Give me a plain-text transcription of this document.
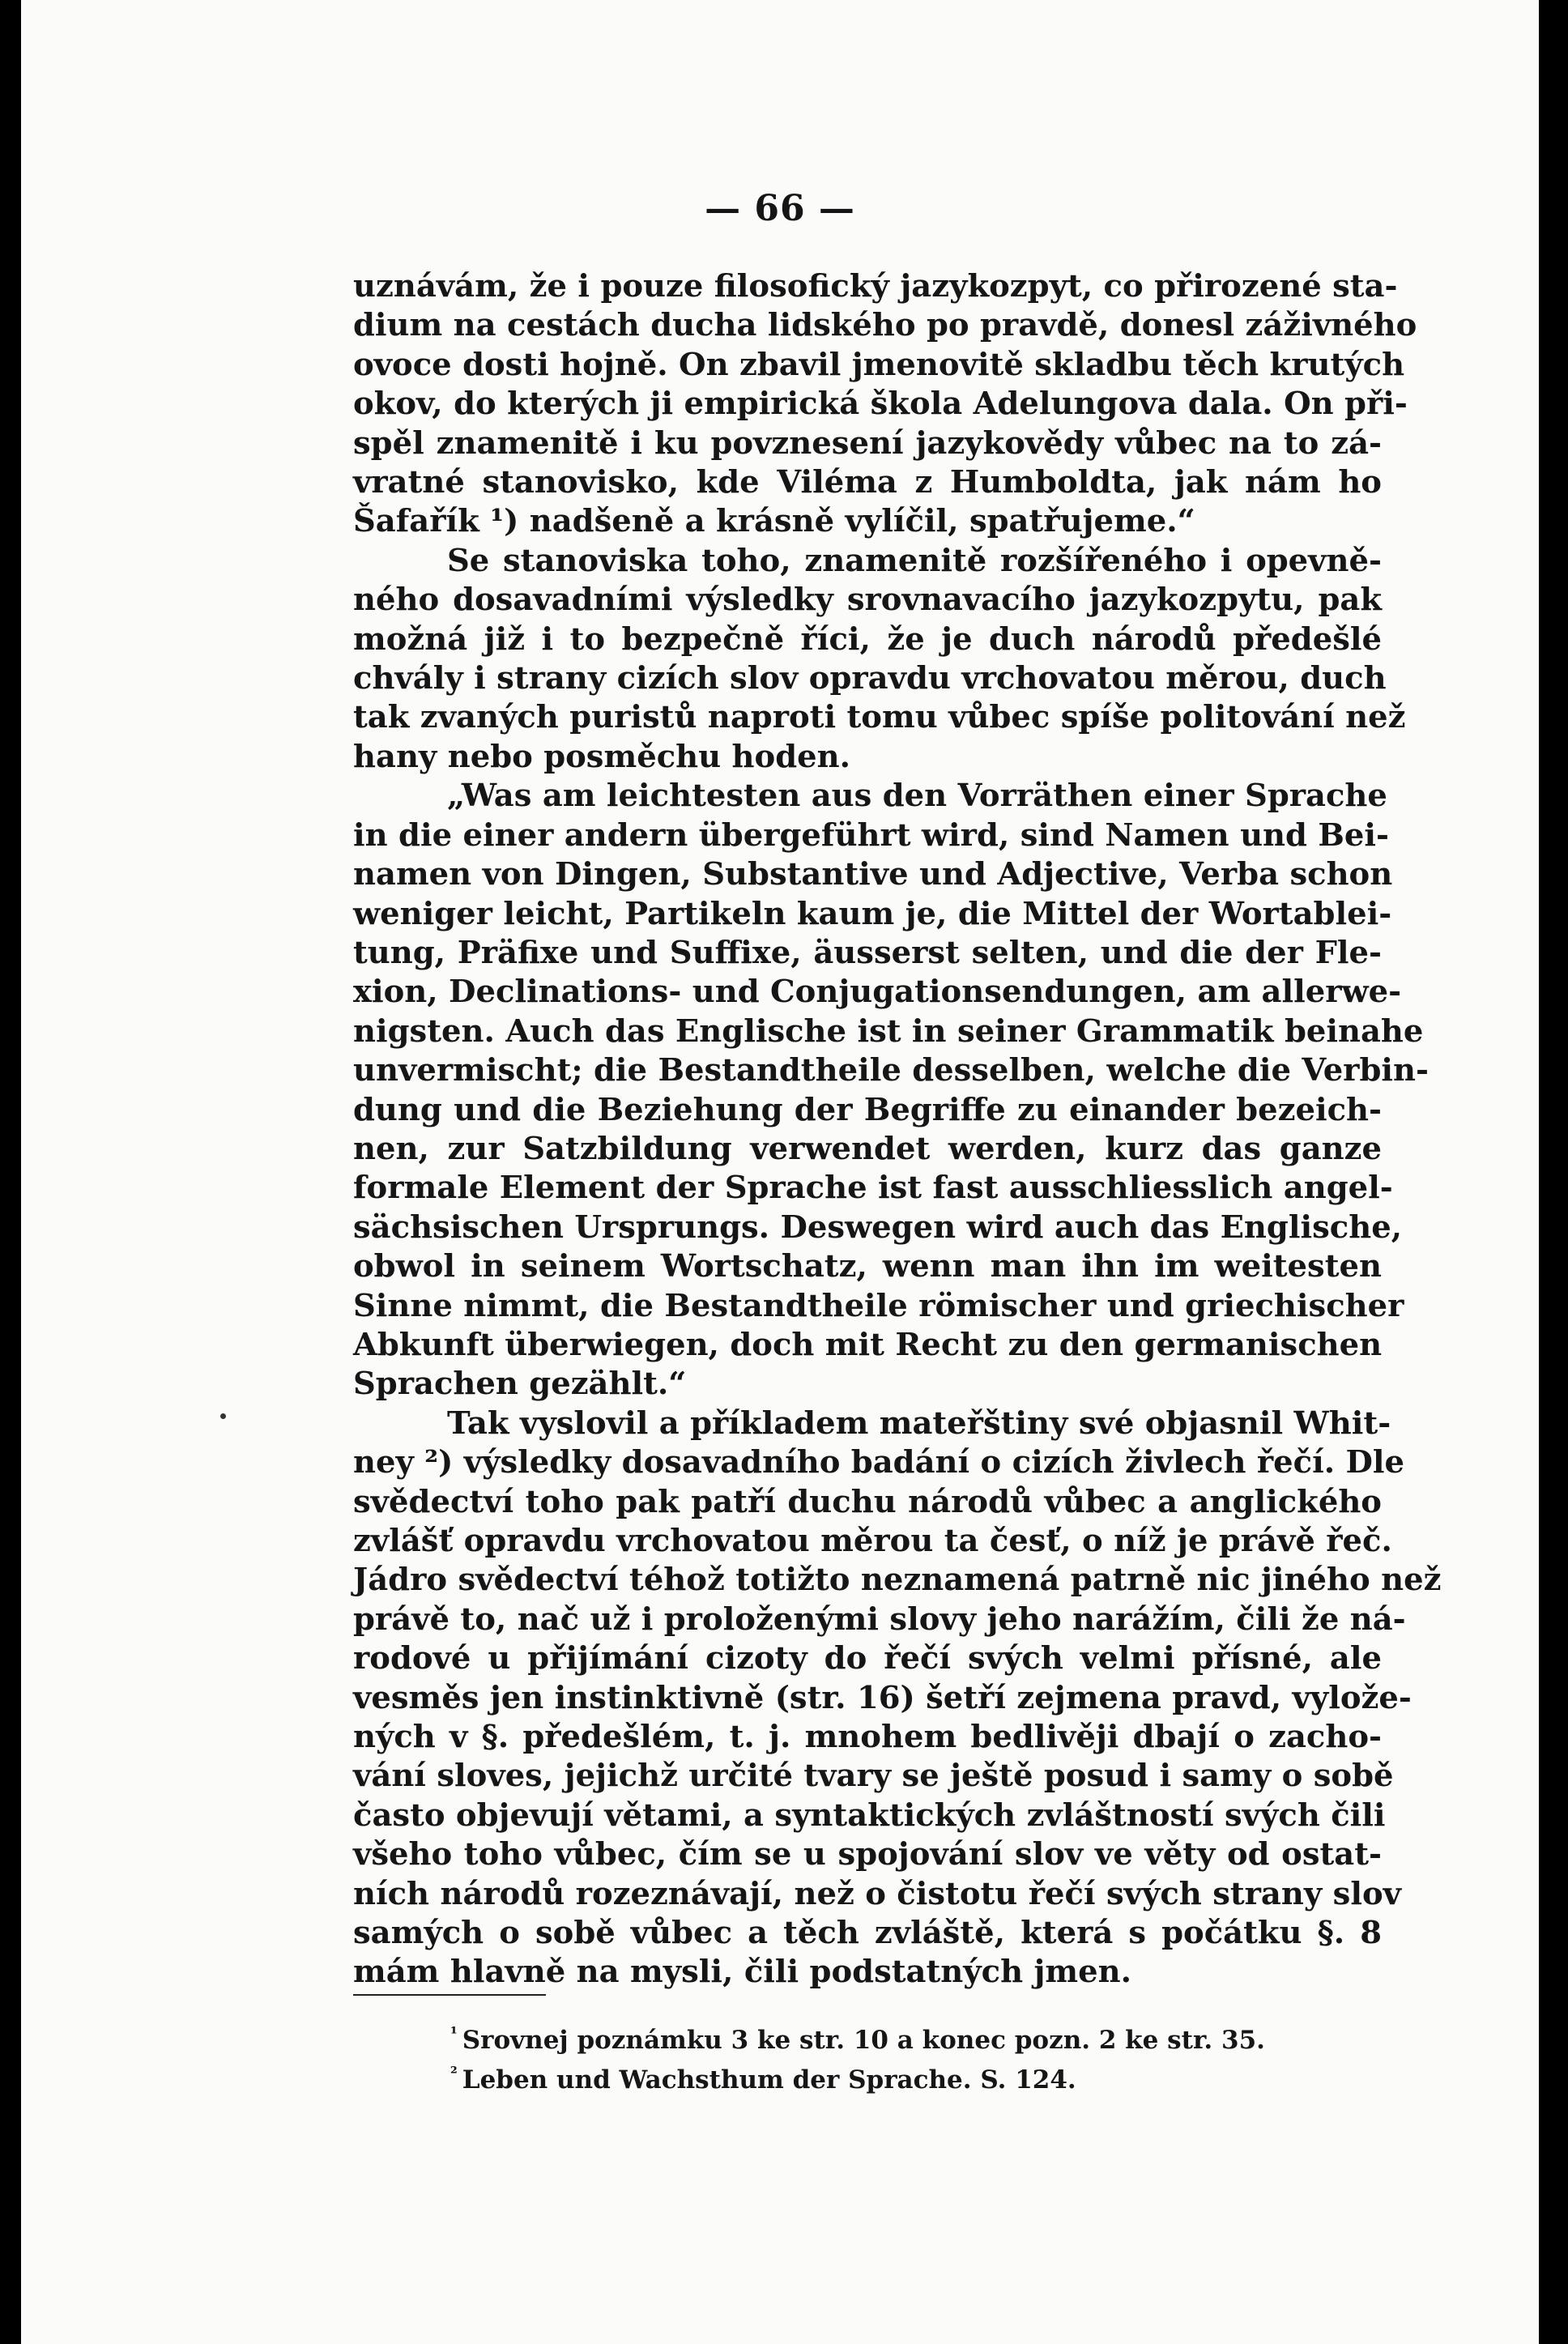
— 66 —
uznávám, že i pouze filosofický jazykozpyt, co přirozené sta-
dium na cestách ducha lidského po pravdě, donesl záživného
ovoce dosti hojně. On zbavil jmenovitě skladbu těch krutých
okov, do kterých ji empirická škola Adelungova dala. On při-
spěl znamenitě i ku povznesení jazykovědy vůbec na to zá-
vratné stanovisko, kde Viléma z Humboldta, jak nám ho
Šafařík ¹) nadšeně a krásně vylíčil, spatřujeme.“
Se stanoviska toho, znamenitě rozšířeného i opevně-
ného dosavadními výsledky srovnavacího jazykozpytu, pak
možná již i to bezpečně říci, že je duch národů předešlé
chvály i strany cizích slov opravdu vrchovatou měrou, duch
tak zvaných puristů naproti tomu vůbec spíše politování než
hany nebo posměchu hoden.
„Was am leichtesten aus den Vorräthen einer Sprache
in die einer andern übergeführt wird, sind Namen und Bei-
namen von Dingen, Substantive und Adjective, Verba schon
weniger leicht, Partikeln kaum je, die Mittel der Wortablei-
tung, Präfixe und Suffixe, äusserst selten, und die der Fle-
xion, Declinations- und Conjugationsendungen, am allerwe-
nigsten. Auch das Englische ist in seiner Grammatik beinahe
unvermischt; die Bestandtheile desselben, welche die Verbin-
dung und die Beziehung der Begriffe zu einander bezeich-
nen, zur Satzbildung verwendet werden, kurz das ganze
formale Element der Sprache ist fast ausschliesslich angel-
sächsischen Ursprungs. Deswegen wird auch das Englische,
obwol in seinem Wortschatz, wenn man ihn im weitesten
Sinne nimmt, die Bestandtheile römischer und griechischer
Abkunft überwiegen, doch mit Recht zu den germanischen
Sprachen gezählt.“
Tak vyslovil a příkladem mateřštiny své objasnil Whit-
ney ²) výsledky dosavadního badání o cizích živlech řečí. Dle
svědectví toho pak patří duchu národů vůbec a anglického
zvlášť opravdu vrchovatou měrou ta česť, o níž je právě řeč.
Jádro svědectví téhož totižto neznamená patrně nic jiného než
právě to, nač už i proloženými slovy jeho narážím, čili že ná-
rodové u přijímání cizoty do řečí svých velmi přísné, ale
vesměs jen instinktivně (str. 16) šetří zejmena pravd, vylože-
ných v §. předešlém, t. j. mnohem bedlivěji dbají o zacho-
vání sloves, jejichž určité tvary se ještě posud i samy o sobě
často objevují větami, a syntaktických zvláštností svých čili
všeho toho vůbec, čím se u spojování slov ve věty od ostat-
ních národů rozeznávají, než o čistotu řečí svých strany slov
samých o sobě vůbec a těch zvláště, která s počátku §. 8
mám hlavně na mysli, čili podstatných jmen.
$^{^1}$ Srovnej poznámku 3 ke str. 10 a konec pozn. 2 ke str. 35.
$^{^2}$ Leben und Wachsthum der Sprache. S. 124.
